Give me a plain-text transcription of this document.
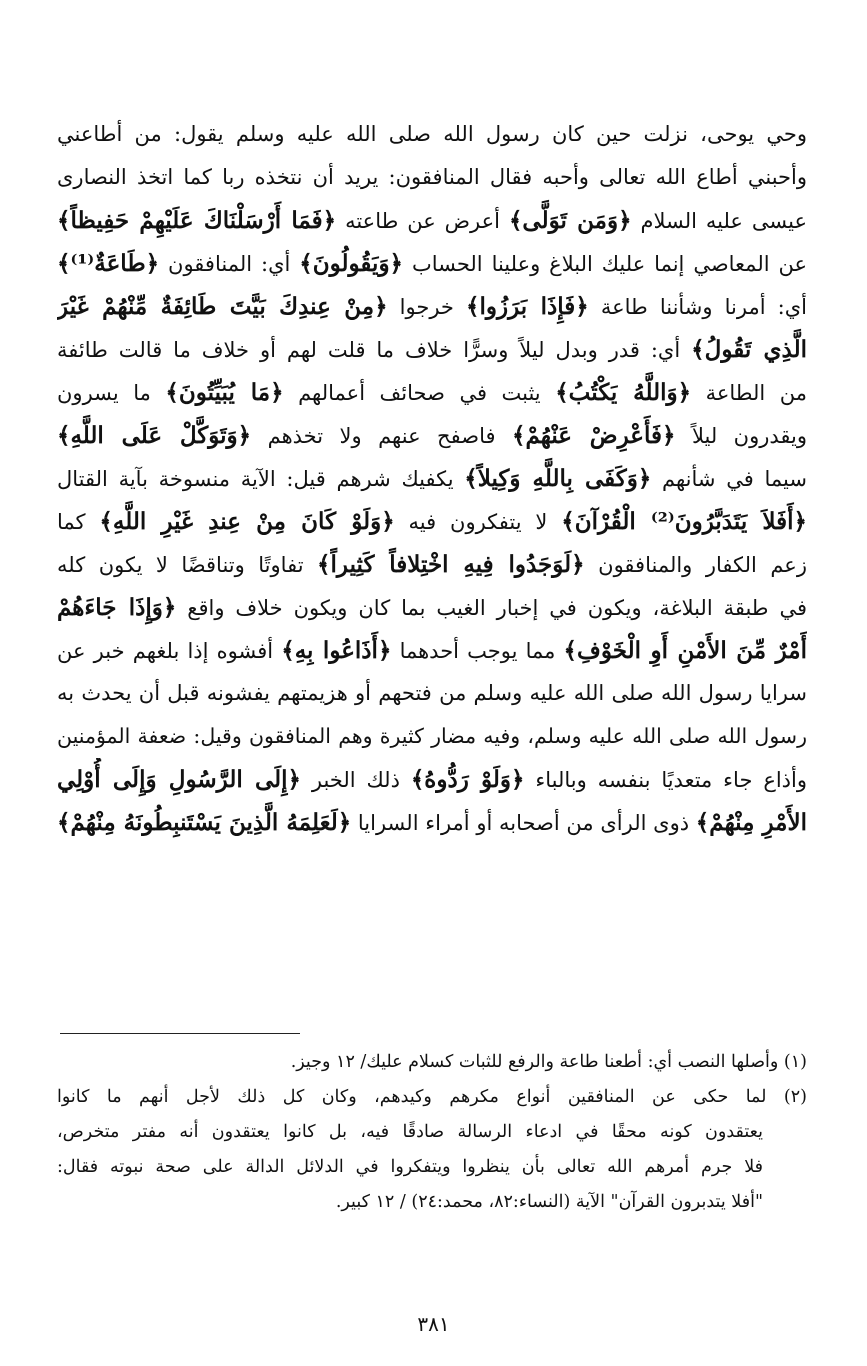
وحي يوحى، نزلت حين كان رسول الله صلى الله عليه وسلم يقول: من أطاعني
وأحبني أطاع الله تعالى وأحبه فقال المنافقون: يريد أن نتخذه ربا كما اتخذ النصارى
عيسى عليه السلام ﴿وَمَن تَوَلَّى﴾ أعرض عن طاعته ﴿فَمَا أَرْسَلْنَاكَ عَلَيْهِمْ حَفِيظاً﴾
عن المعاصي إنما عليك البلاغ وعلينا الحساب ﴿وَيَقُولُونَ﴾ أي: المنافقون ﴿طَاعَةٌ⁽¹⁾﴾
أي: أمرنا وشأننا طاعة ﴿فَإِذَا بَرَزُوا﴾ خرجوا ﴿مِنْ عِندِكَ بَيَّتَ طَائِفَةٌ مِّنْهُمْ غَيْرَ
الَّذِي تَقُولُ﴾ أي: قدر وبدل ليلاً وسرًّا خلاف ما قلت لهم أو خلاف ما قالت طائفة
من الطاعة ﴿وَاللَّهُ يَكْتُبُ﴾ يثبت في صحائف أعمالهم ﴿مَا يُبَيِّتُونَ﴾ ما يسرون
ويقدرون ليلاً ﴿فَأَعْرِضْ عَنْهُمْ﴾ فاصفح عنهم ولا تخذهم ﴿وَتَوَكَّلْ عَلَى اللَّهِ﴾
سيما في شأنهم ﴿وَكَفَى بِاللَّهِ وَكِيلاً﴾ يكفيك شرهم قيل: الآية منسوخة بآية القتال
﴿أَفَلاَ يَتَدَبَّرُونَ⁽²⁾ الْقُرْآنَ﴾ لا يتفكرون فيه ﴿وَلَوْ كَانَ مِنْ عِندِ غَيْرِ اللَّهِ﴾ كما
زعم الكفار والمنافقون ﴿لَوَجَدُوا فِيهِ اخْتِلافاً كَثِيراً﴾ تفاوتًا وتناقضًا لا يكون كله
في طبقة البلاغة، ويكون في إخبار الغيب بما كان ويكون خلاف واقع ﴿وَإِذَا جَاءَهُمْ
أَمْرٌ مِّنَ الأَمْنِ أَوِ الْخَوْفِ﴾ مما يوجب أحدهما ﴿أَذَاعُوا بِهِ﴾ أفشوه إذا بلغهم خبر عن
سرايا رسول الله صلى الله عليه وسلم من فتحهم أو هزيمتهم يفشونه قبل أن يحدث به
رسول الله صلى الله عليه وسلم، وفيه مضار كثيرة وهم المنافقون وقيل: ضعفة المؤمنين
وأذاع جاء متعديًا بنفسه وبالباء ﴿وَلَوْ رَدُّوهُ﴾ ذلك الخبر ﴿إِلَى الرَّسُولِ وَإِلَى أُوْلِي
الأَمْرِ مِنْهُمْ﴾ ذوى الرأى من أصحابه أو أمراء السرايا ﴿لَعَلِمَهُ الَّذِينَ يَسْتَنبِطُونَهُ مِنْهُمْ﴾
(١) وأصلها النصب أي: أطعنا طاعة والرفع للثبات كسلام عليك/ ١٢ وجيز.
(٢) لما حكى عن المنافقين أنواع مكرهم وكيدهم، وكان كل ذلك لأجل أنهم ما كانوا
يعتقدون كونه محقًا في ادعاء الرسالة صادقًا فيه، بل كانوا يعتقدون أنه مفتر متخرص،
فلا جرم أمرهم الله تعالى بأن ينظروا ويتفكروا في الدلائل الدالة على صحة نبوته فقال:
"أفلا يتدبرون القرآن" الآية (النساء:٨٢، محمد:٢٤) / ١٢ كبير.
٣٨١
